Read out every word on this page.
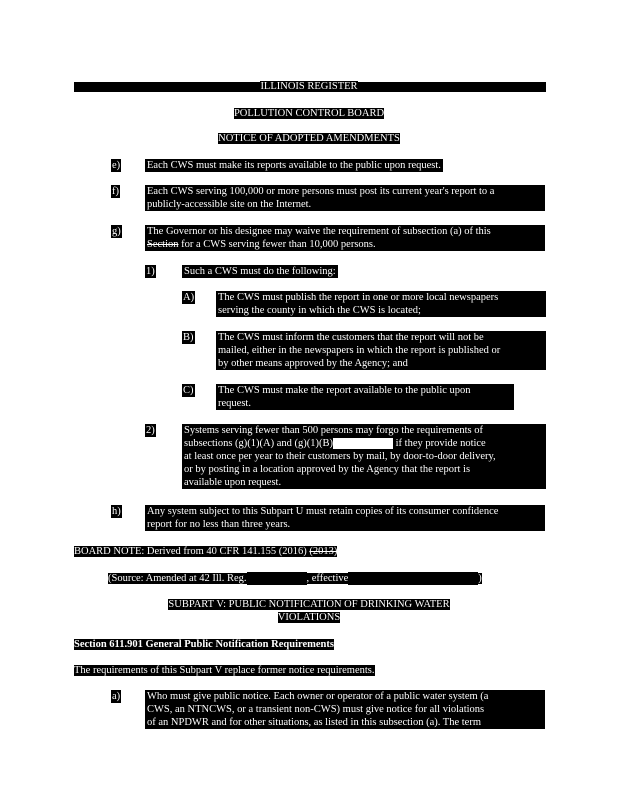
ILLINOIS REGISTER
POLLUTION CONTROL BOARD
NOTICE OF ADOPTED AMENDMENTS
e)	Each CWS must make its reports available to the public upon request.
f)	Each CWS serving 100,000 or more persons must post its current year's report to a
publicly-accessible site on the Internet.
g)	The Governor or his designee may waive the requirement of subsection (a) of this
Section for a CWS serving fewer than 10,000 persons.
1)	Such a CWS must do the following:
A) The CWS must publish the report in one or more local newspapers
serving the county in which the CWS is located;
B) The CWS must inform the customers that the report will not be
mailed, either in the newspapers in which the report is published or
by other means approved by the Agency; and
C) The CWS must make the report available to the public upon
request.
2)	Systems serving fewer than 500 persons may forgo the requirements of
subsections (g)(1)(A) and (g)(1)(B)	if they provide notice
at least once per year to their customers by mail, by door-to-door delivery,
or by posting in a location approved by the Agency that the report is
available upon request.
h)	Any system subject to this Subpart U must retain copies of its consumer confidence
report for no less than three years.
BOARD NOTE: Derived from 40 CFR 141.155 (2016) (2013)
(Source: Amended at 42 Ill. Reg.	, effective	)
SUBPART V: PUBLIC NOTIFICATION OF DRINKING WATER
VIOLATIONS
Section 611.901 General Public Notification Requirements
The requirements of this Subpart V replace former notice requirements.
a)	Who must give public notice. Each owner or operator of a public water system (a
CWS, an NTNCWS, or a transient non-CWS) must give notice for all violations
of an NPDWR and for other situations, as listed in this subsection (a). The term
